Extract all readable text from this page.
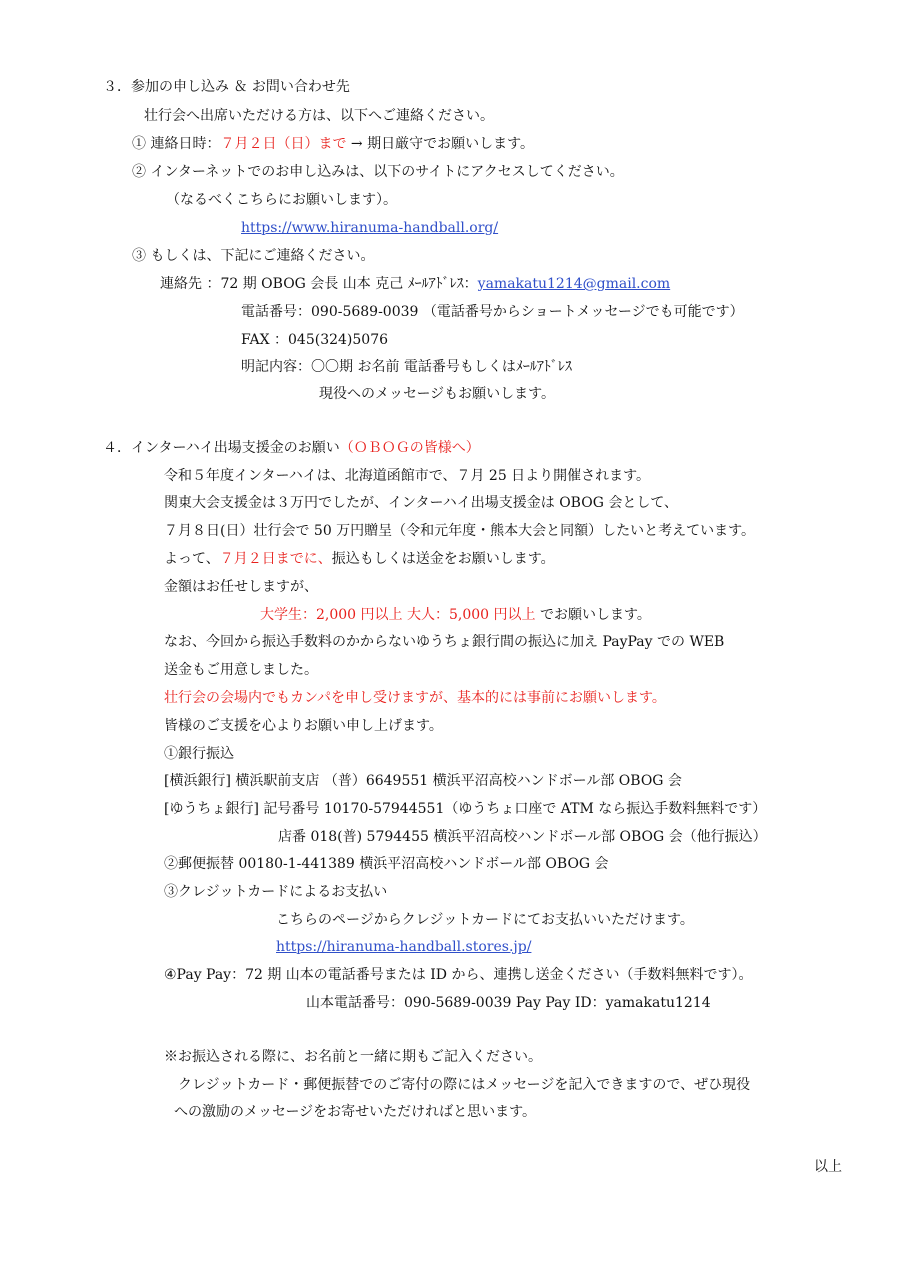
３．参加の申し込み ＆ お問い合わせ先
壮行会へ出席いただける方は、以下へご連絡ください。
① 連絡日時：７月２日（日）まで → 期日厳守でお願いします。
② インターネットでのお申し込みは、以下のサイトにアクセスしてください。
（なるべくこちらにお願いします）。
https://www.hiranuma-handball.org/
③ もしくは、下記にご連絡ください。
連絡先 ：72 期 OBOG 会長 山本 克己 ﾒｰﾙｱﾄﾞﾚｽ：yamakatu1214@gmail.com
電話番号：090-5689-0039 （電話番号からショートメッセージでも可能です）
FAX ：045(324)5076
明記内容：〇〇期 お名前 電話番号もしくはﾒｰﾙｱﾄﾞﾚｽ
現役へのメッセージもお願いします。
４．インターハイ出場支援金のお願い（ＯＢＯＧの皆様へ）
令和５年度インターハイは、北海道函館市で、７月 25 日より開催されます。
関東大会支援金は３万円でしたが、インターハイ出場支援金は OBOG 会として、
７月８日(日）壮行会で 50 万円贈呈（令和元年度・熊本大会と同額）したいと考えています。
よって、７月２日までに、振込もしくは送金をお願いします。
金額はお任せしますが、
大学生：2,000 円以上 大人：5,000 円以上 でお願いします。
なお、今回から振込手数料のかからないゆうちょ銀行間の振込に加え PayPay での WEB
送金もご用意しました。
壮行会の会場内でもカンパを申し受けますが、基本的には事前にお願いします。
皆様のご支援を心よりお願い申し上げます。
①銀行振込
[横浜銀行] 横浜駅前支店 （普）6649551 横浜平沼高校ハンドボール部 OBOG 会
[ゆうちょ銀行] 記号番号 10170-57944551（ゆうちょ口座で ATM なら振込手数料無料です）
店番 018(普) 5794455 横浜平沼高校ハンドボール部 OBOG 会（他行振込）
②郵便振替 00180-1-441389 横浜平沼高校ハンドボール部 OBOG 会
③クレジットカードによるお支払い
こちらのページからクレジットカードにてお支払いいただけます。
https://hiranuma-handball.stores.jp/
④Pay Pay：72 期 山本の電話番号または ID から、連携し送金ください（手数料無料です）。
山本電話番号：090-5689-0039 Pay Pay ID：yamakatu1214
※お振込される際に、お名前と一緒に期もご記入ください。
クレジットカード・郵便振替でのご寄付の際にはメッセージを記入できますので、ぜひ現役
への激励のメッセージをお寄せいただければと思います。
以上
